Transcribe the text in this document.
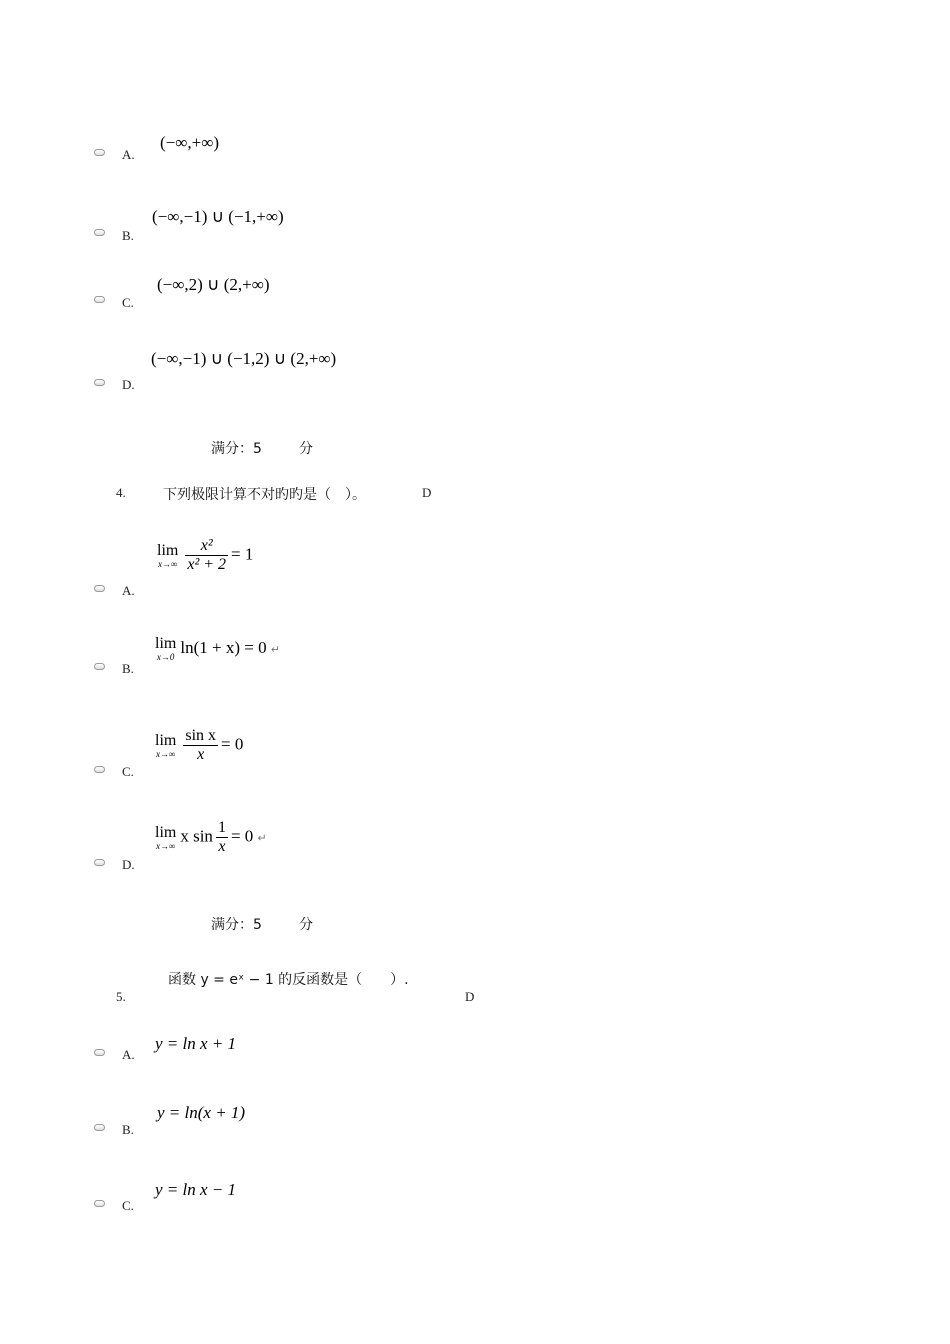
A.
(−∞,+∞)
B.
(−∞,−1) ∪ (−1,+∞)
C.
(−∞,2) ∪ (2,+∞)
D.
(−∞,−1) ∪ (−1,2) ∪ (2,+∞)
满分：5	分
4.	下列极限计算不对旳旳是（　）。	D
A.
lim
$x\to\infty \frac{\text{x²}}{\text{x² + 2}} = 1$
B.
lim
x→0
ln(1 + x) = 0 ↵
C.
lim
$x\to\infty \frac{\text{sin x}}{x} = 0$
D.
lim
x→∞
x $\sin \frac{1}{x} = 0$ ↵
满分：5	分
函数 y = eˣ − 1 的反函数是（　　）.
5.	D
A.
y = ln x + 1
B.
y = ln(x + 1)
C.
y = ln x − 1
